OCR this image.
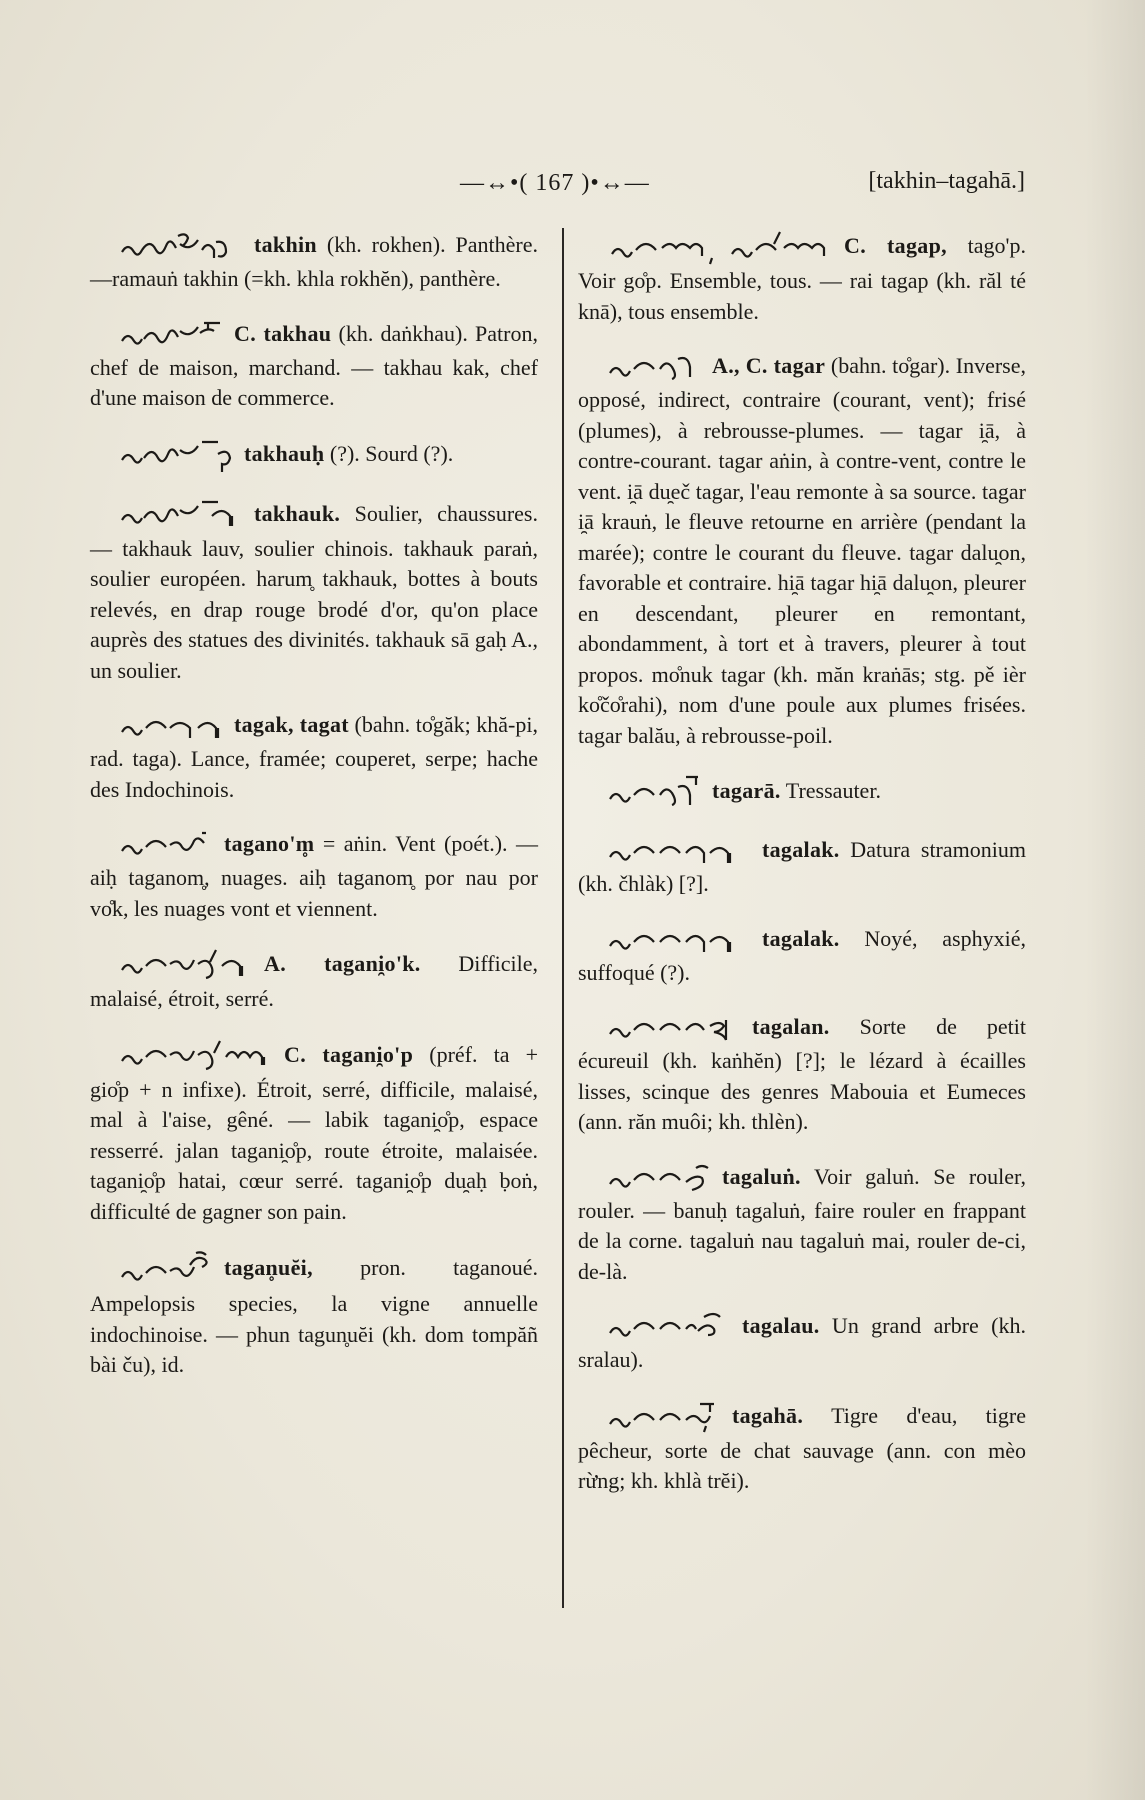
—↔•( 167 )•↔—	[takhin–tagahā.]

takhin (kh. rokhen). Panthère. —ramauṅ takhin (=kh. khla rokhĕn), panthère.

C. takhau (kh. daṅkhau). Patron, chef de maison, marchand. — takhau kak, chef d'une maison de commerce.

takhauḥ (?). Sourd (?).

takhauk. Soulier, chaussures. — takhauk lauv, soulier chinois. takhauk paraṅ, soulier européen. harum̥ takhauk, bottes à bouts relevés, en drap rouge brodé d'or, qu'on place auprès des statues des divinités. takhauk sā gaḥ A., un soulier.

tagak, tagat (bahn. to̊găk; khă-pi, rad. taga). Lance, framée; couperet, serpe; hache des Indochinois.

tagano'm̥ = aṅin. Vent (poét.). — aiḥ taganom̥, nuages. aiḥ taganom̥ por nau por vo̊k, les nuages vont et viennent.

A. tagani̯o'k. Difficile, malaisé, étroit, serré.

C. tagani̯o'p (préf. ta + gio̊p + n infixe). Étroit, serré, difficile, malaisé, mal à l'aise, gêné. — labik tagani̯o̊p, espace resserré. jalan tagani̯o̊p, route étroite, malaisée. tagani̯o̊p hatai, cœur serré. tagani̯o̊p du̯aḥ ḅoṅ, difficulté de gagner son pain.

tagan̥uĕi, pron. taganoué. Ampelopsis species, la vigne annuelle indochinoise. — phun tagun̥uĕi (kh. dom tompăñ bài ču), id.

C. tagap, tago'p. Voir go̊p. Ensemble, tous. — rai tagap (kh. răl té knā), tous ensemble.

A., C. tagar (bahn. to̊gar). Inverse, opposé, indirect, contraire (courant, vent); frisé (plumes), à rebrousse-plumes. — tagar i̯ā, à contre-courant. tagar aṅin, à contre-vent, contre le vent. i̯ā du̯eč tagar, l'eau remonte à sa source. tagar i̯ā krauṅ, le fleuve retourne en arrière (pendant la marée); contre le courant du fleuve. tagar dalu̯on, favorable et contraire. hi̯ā tagar hi̯ā dalu̯on, pleurer en descendant, pleurer en remontant, abondamment, à tort et à travers, pleurer à tout propos. mo̊nuk tagar (kh. măn kraṅās; stg. pě ièr ko̊čo̊rahi), nom d'une poule aux plumes frisées. tagar balău, à rebrousse-poil.

tagarā. Tressauter.

tagalak. Datura stramonium (kh. čhlàk) [?].

tagalak. Noyé, asphyxié, suffoqué (?).

tagalan. Sorte de petit écureuil (kh. kaṅhĕn) [?]; le lézard à écailles lisses, scinque des genres Mabouia et Eumeces (ann. răn muôi; kh. thlèn).

tagaluṅ. Voir galuṅ. Se rouler, rouler. — banuḥ tagaluṅ, faire rouler en frappant de la corne. tagaluṅ nau tagaluṅ mai, rouler de-ci, de-là.

tagalau. Un grand arbre (kh. sralau).

tagahā. Tigre d'eau, tigre pêcheur, sorte de chat sauvage (ann. con mèo rừng; kh. khlà trĕi).
